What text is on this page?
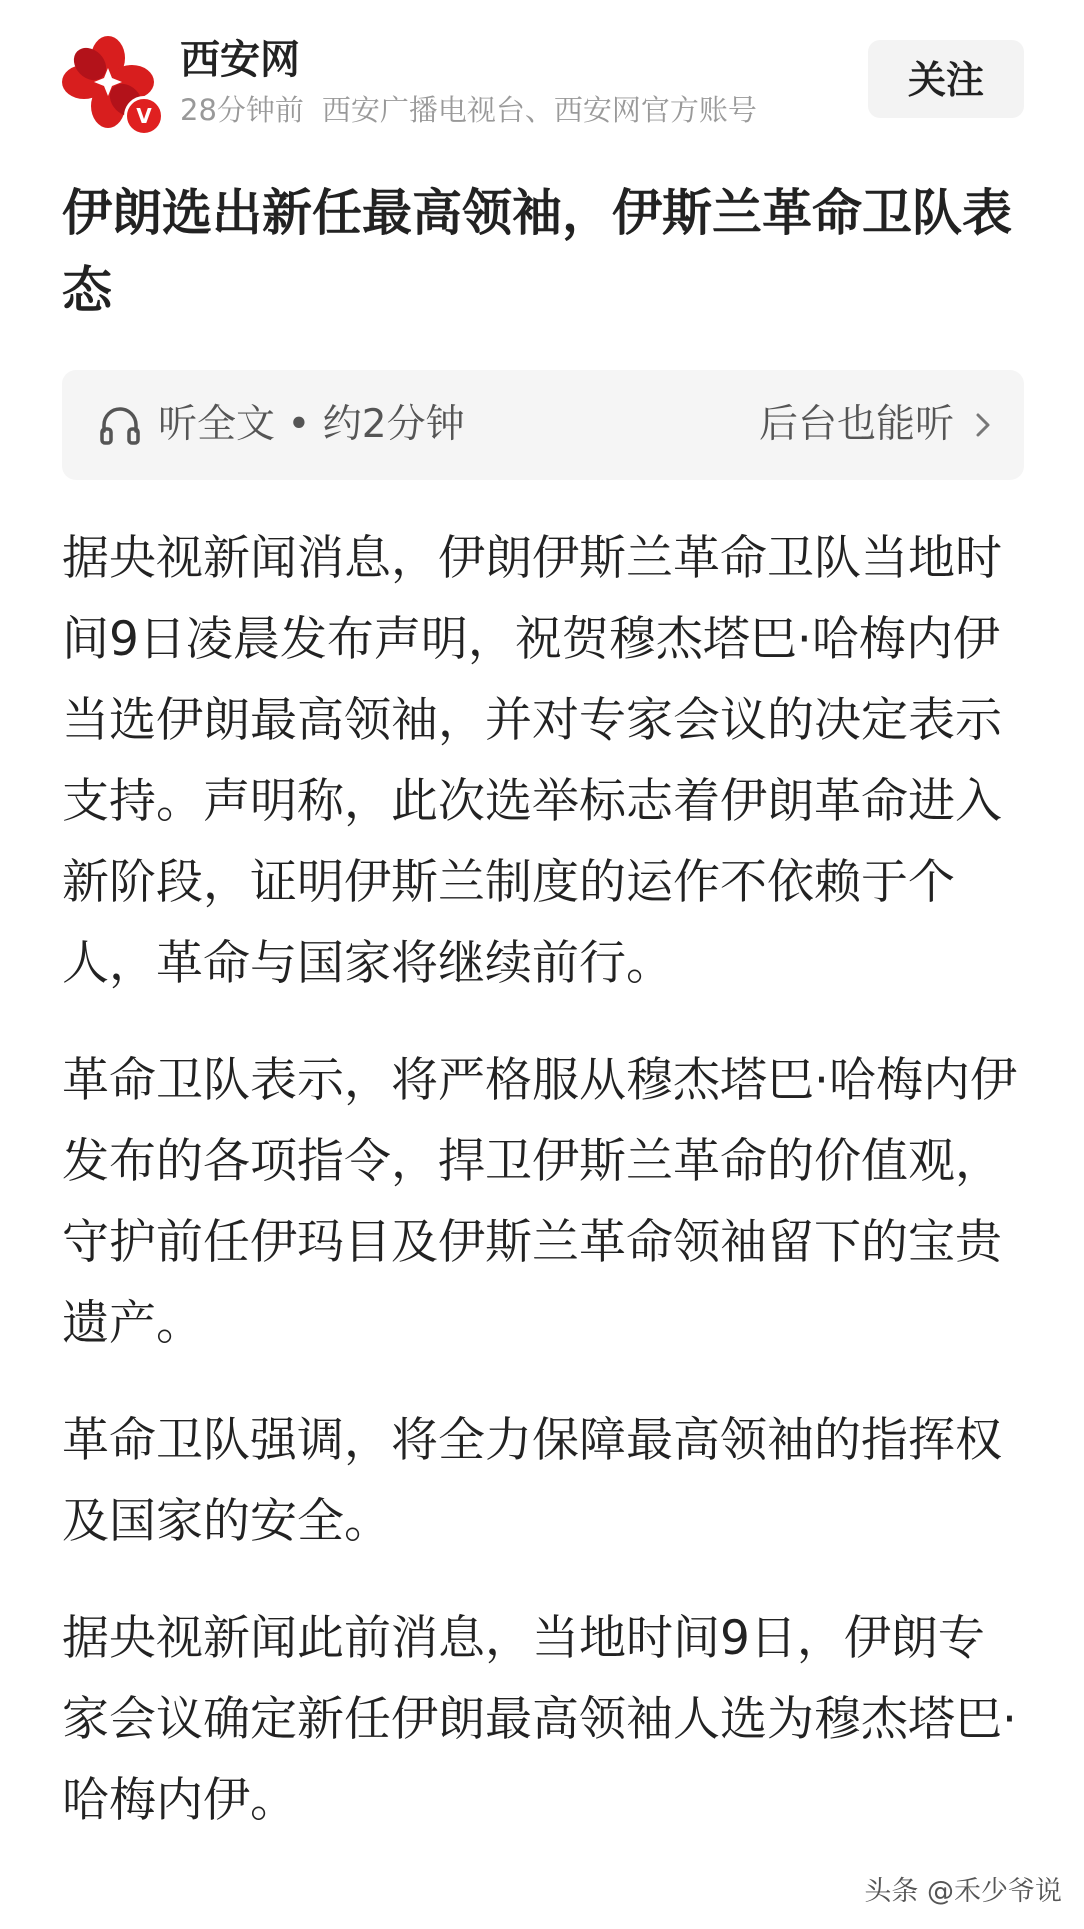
V
西安网
28分钟前 西安广播电视台、西安网官方账号
关注
伊朗选出新任最高领袖，伊斯兰革命卫队表态
听全文 • 约2分钟	后台也能听

据央视新闻消息，伊朗伊斯兰革命卫队当地时间9日凌晨发布声明，祝贺穆杰塔巴·哈梅内伊当选伊朗最高领袖，并对专家会议的决定表示支持。声明称，此次选举标志着伊朗革命进入新阶段，证明伊斯兰制度的运作不依赖于个人，革命与国家将继续前行。

革命卫队表示，将严格服从穆杰塔巴·哈梅内伊发布的各项指令，捍卫伊斯兰革命的价值观，守护前任伊玛目及伊斯兰革命领袖留下的宝贵遗产。

革命卫队强调，将全力保障最高领袖的指挥权及国家的安全。

据央视新闻此前消息，当地时间9日，伊朗专家会议确定新任伊朗最高领袖人选为穆杰塔巴·哈梅内伊。

头条 @禾少爷说
